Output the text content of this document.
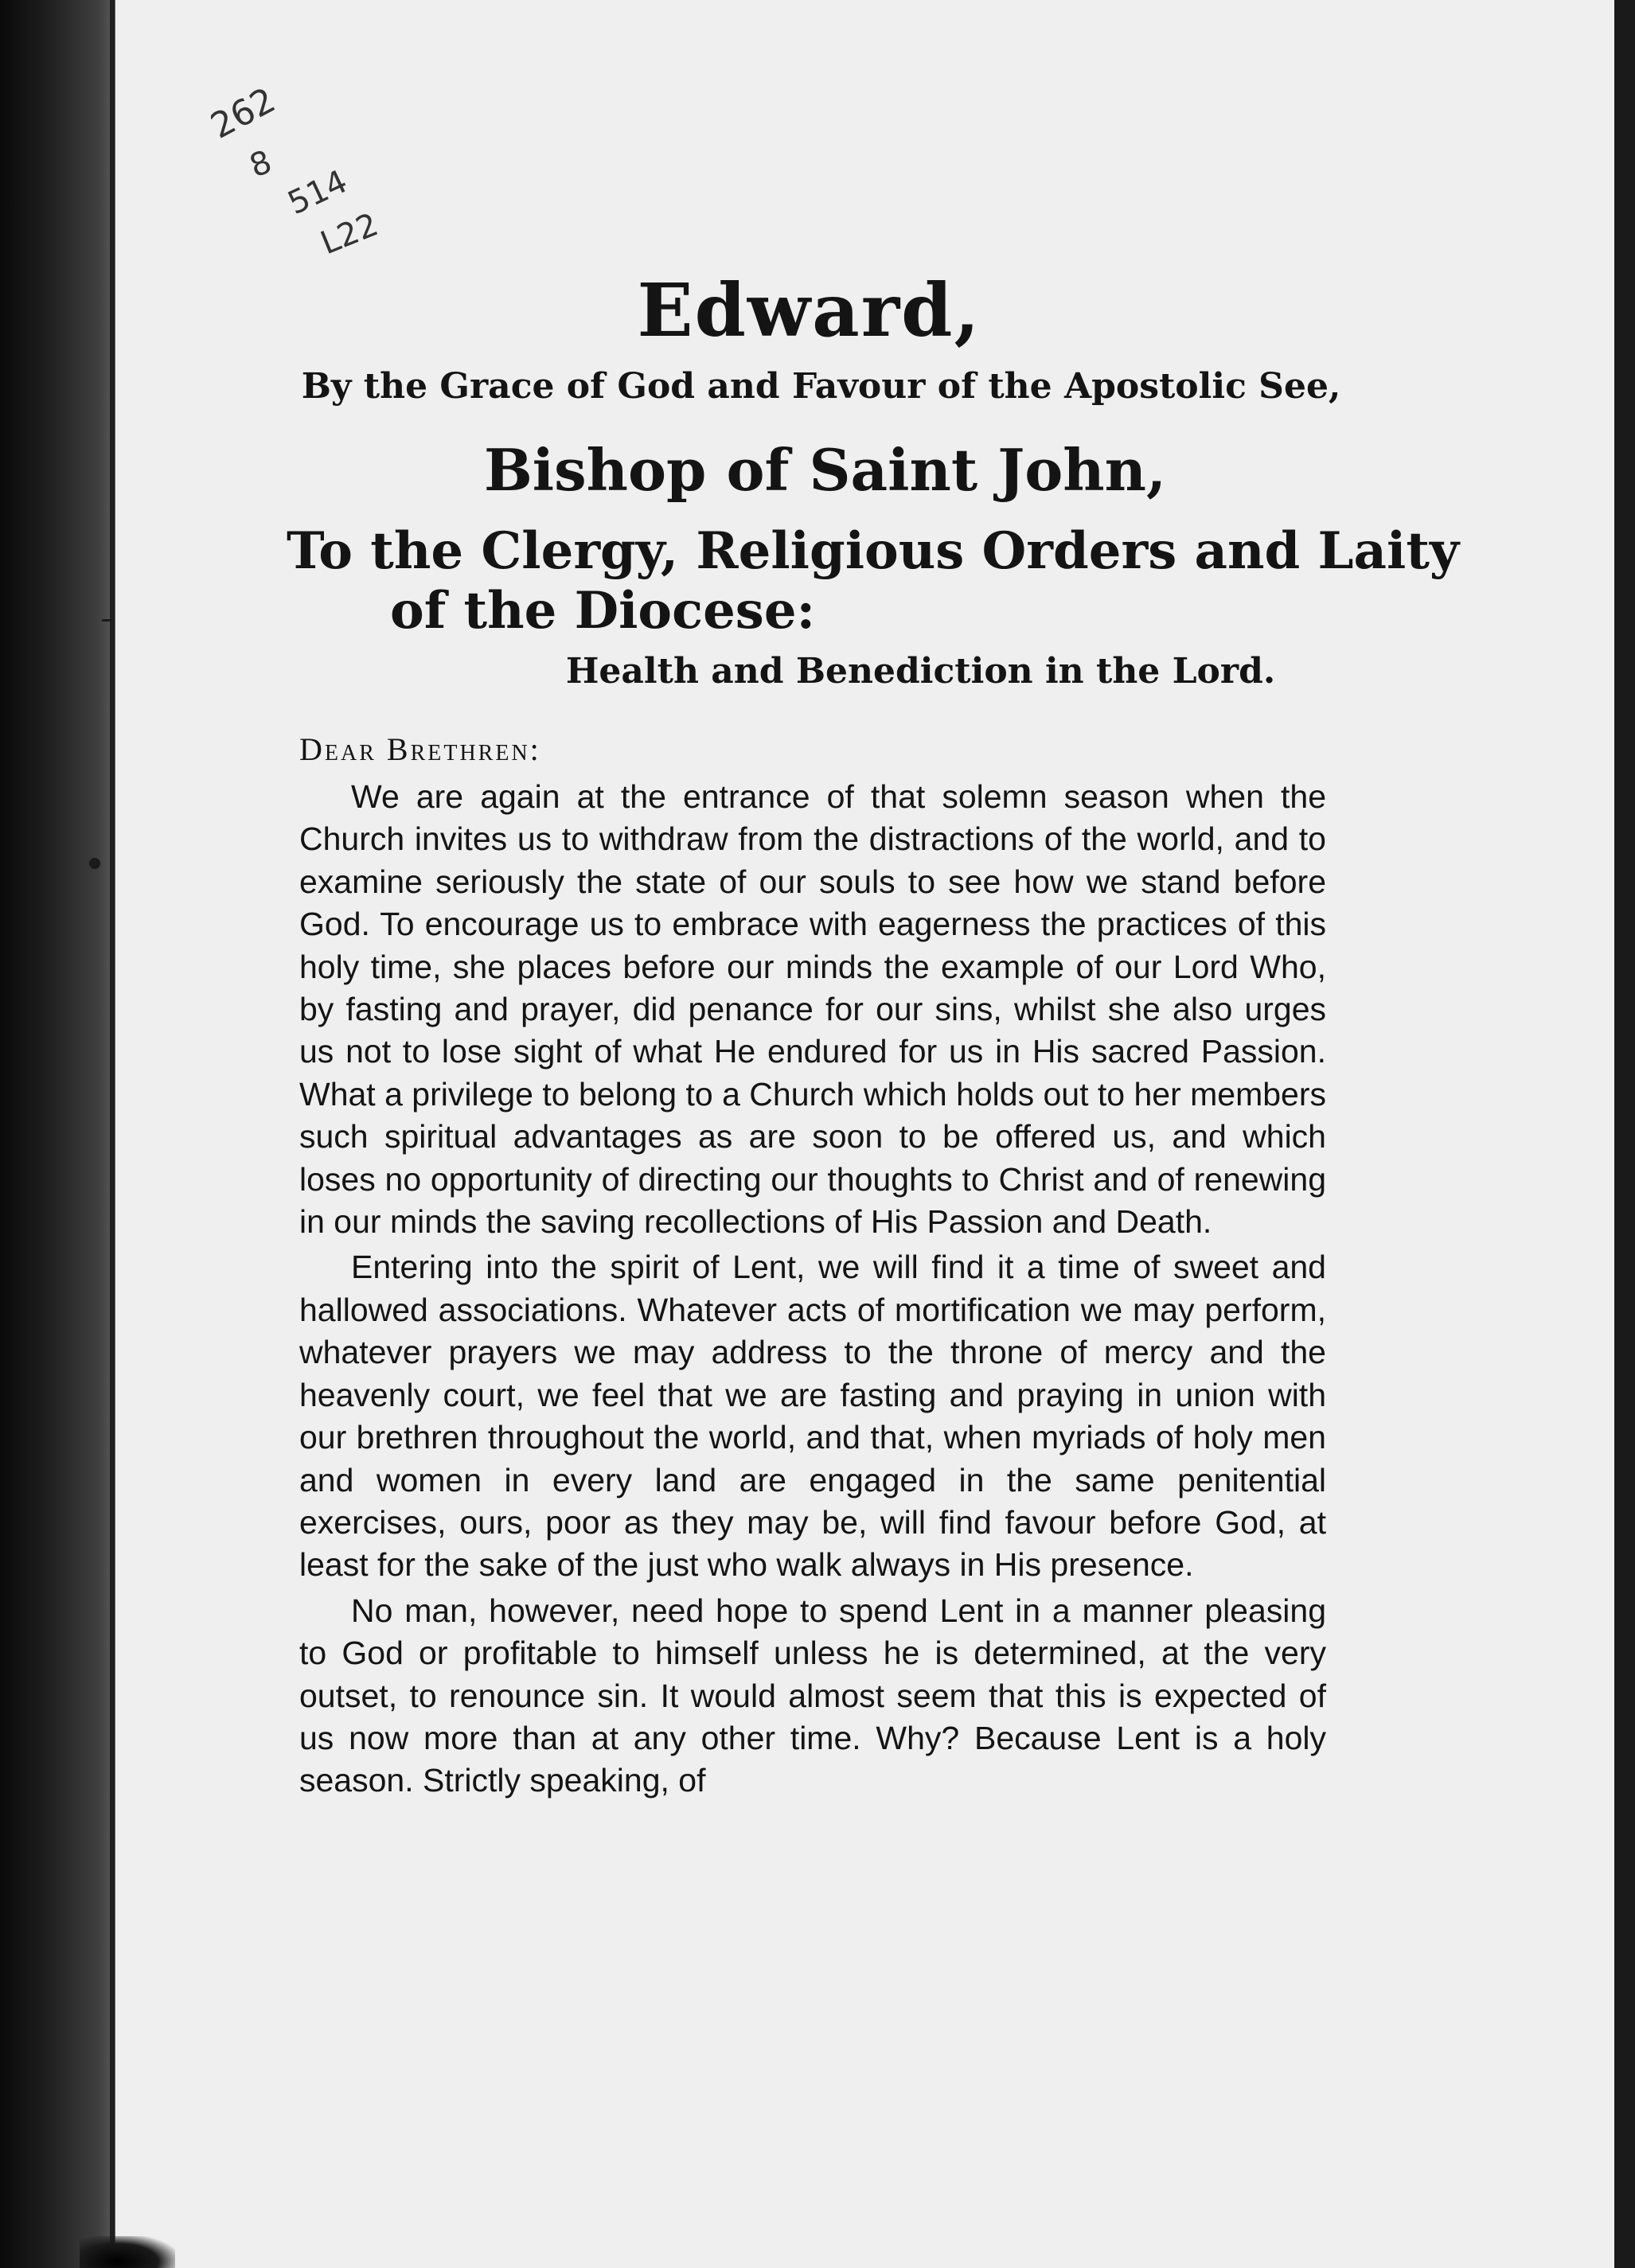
262
8 514
L22
Edward,
By the Grace of God and Favour of the Apostolic See,
Bishop of Saint John,
To the Clergy, Religious Orders and Laity
of the Diocese:
Health and Benediction in the Lord.
Dear Brethren:

We are again at the entrance of that solemn season when the Church invites us to withdraw from the distractions of the world, and to examine seriously the state of our souls to see how we stand before God. To encourage us to embrace with eagerness the practices of this holy time, she places before our minds the example of our Lord Who, by fasting and prayer, did penance for our sins, whilst she also urges us not to lose sight of what He endured for us in His sacred Passion. What a privilege to belong to a Church which holds out to her members such spiritual advantages as are soon to be offered us, and which loses no opportunity of directing our thoughts to Christ and of renewing in our minds the saving recollections of His Passion and Death.

Entering into the spirit of Lent, we will find it a time of sweet and hallowed associations. Whatever acts of mortification we may perform, whatever prayers we may address to the throne of mercy and the heavenly court, we feel that we are fasting and praying in union with our brethren throughout the world, and that, when myriads of holy men and women in every land are engaged in the same penitential exercises, ours, poor as they may be, will find favour before God, at least for the sake of the just who walk always in His presence.

No man, however, need hope to spend Lent in a manner pleasing to God or profitable to himself unless he is determined, at the very outset, to renounce sin. It would almost seem that this is expected of us now more than at any other time. Why? Because Lent is a holy season. Strictly speaking, of
